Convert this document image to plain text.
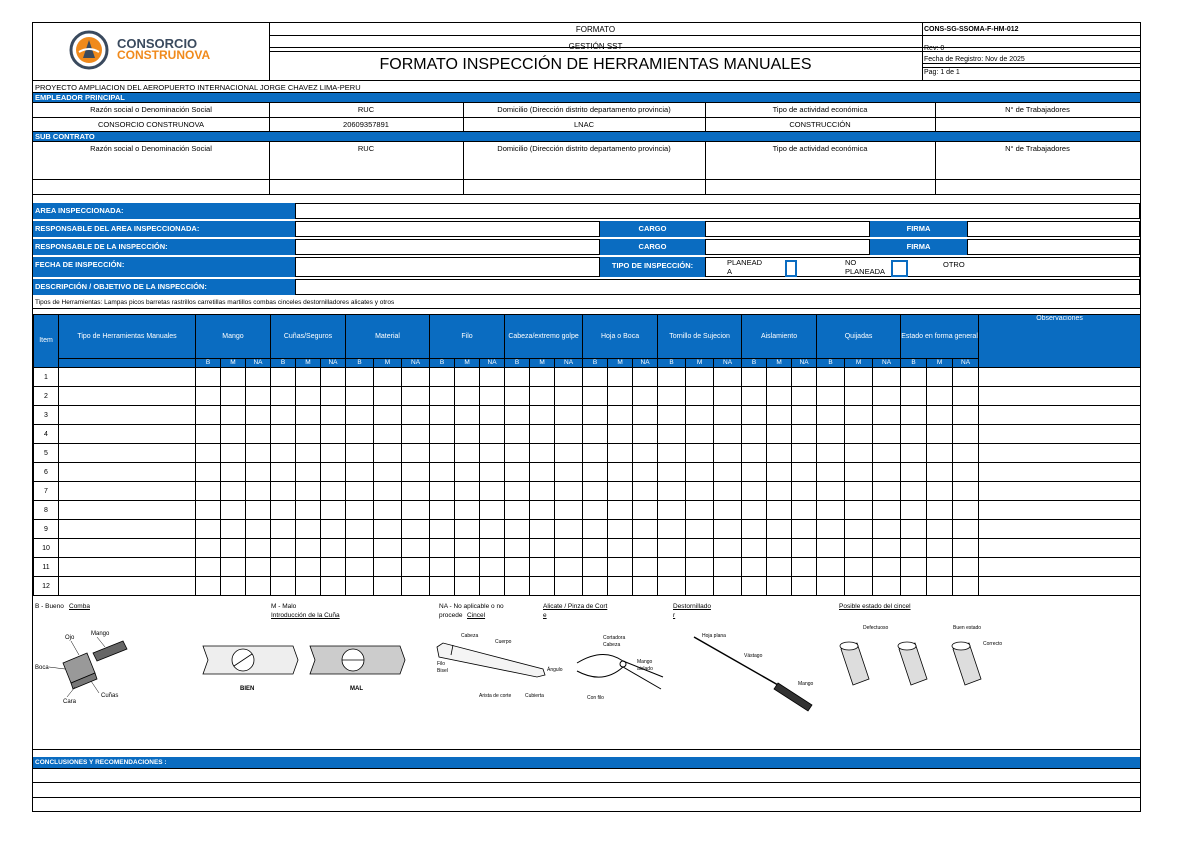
CONSORCIO
CONSTRUNOVA
FORMATO
GESTIÓN SST
FORMATO INSPECCIÓN DE HERRAMIENTAS MANUALES
CONS-SG-SSOMA-F-HM-012
Rev: 0
Fecha de Registro: Nov de 2025
Pag: 1 de 1
PROYECTO AMPLIACION DEL AEROPUERTO INTERNACIONAL JORGE CHAVEZ LIMA-PERU
EMPLEADOR PRINCIPAL
Razón social o Denominación Social	RUC	Domicilio (Dirección distrito departamento provincia)	Tipo de actividad económica	N° de Trabajadores
CONSORCIO CONSTRUNOVA	20609357891	LNAC	CONSTRUCCIÓN
SUB CONTRATO
Razón social o Denominación Social	RUC	Domicilio (Dirección distrito departamento provincia)	Tipo de actividad económica	N° de Trabajadores
AREA INSPECCIONADA:
RESPONSABLE DEL AREA INSPECCIONADA:	CARGO	FIRMA
RESPONSABLE DE LA INSPECCIÓN:	CARGO	FIRMA
FECHA DE INSPECCIÓN:	TIPO DE INSPECCIÓN:	PLANEAD
A
NO
PLANEADA
OTRO
DESCRIPCIÓN / OBJETIVO DE LA INSPECCIÓN:
Tipos de Herramientas: Lampas picos barretas rastrillos carretillas martillos combas cinceles destornilladores alicates y otros
Item	Tipo de Herramientas Manuales	Mango			Cuñas/Seguros			Material			Filo			Cabeza/extremo golpe			Hoja o Boca			Tornillo de Sujecion			Aislamiento			Quijadas			Estado en forma general			Observaciones
		B	M	NA	B	M	NA	B	M	NA	B	M	NA	B	M	NA	B	M	NA	B	M	NA	B	M	NA	B	M	NA	B	M	NA	
1																																
2																																
3																																
4																																
5																																
6																																
7																																
8																																
9																																
10																																
11																																
12																																
B - Bueno Comba	M - Malo
Introducción de la Cuña
NA - No aplicable o no
procede Cincel
Alicate / Pinza de Cort
e
Destornillado
r
Posible estado del cincel
Ojo
Mango
Boca
Cara
Cuñas
BIEN	MAL
Cabeza
Cuerpo
Filo
Bisel	Ángulo
Arista de corte	Cubierta
Cortadora
Cabeza
Mango
aislado
Con filo
Hoja plana
Vástago
Mango
Defectuoso	Buen estado
Correcto
CONCLUSIONES Y RECOMENDACIONES :
